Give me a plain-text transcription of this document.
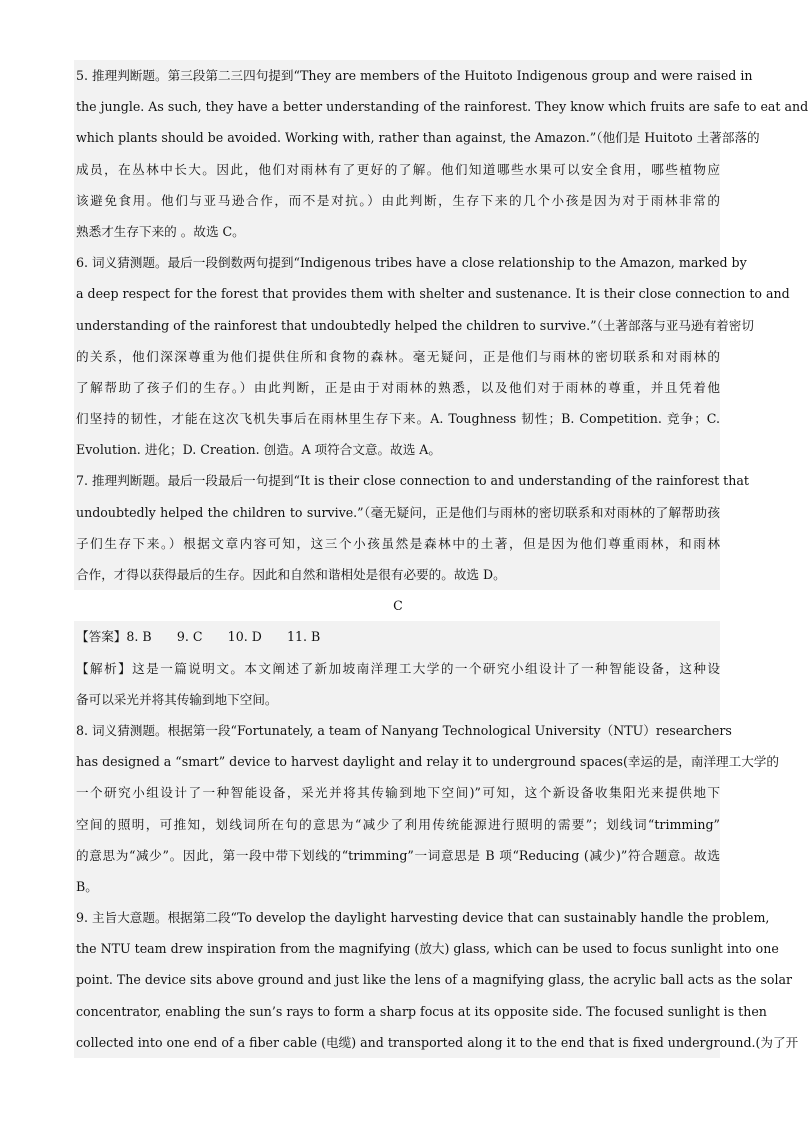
5. 推理判断题。第三段第二三四句提到“They are members of the Huitoto Indigenous group and were raised in
the jungle. As such, they have a better understanding of the rainforest. They know which fruits are safe to eat and
which plants should be avoided. Working with, rather than against, the Amazon.”（他们是 Huitoto 土著部落的
成员，在丛林中长大。因此，他们对雨林有了更好的了解。他们知道哪些水果可以安全食用，哪些植物应
该避免食用。他们与亚马逊合作，而不是对抗。）由此判断，生存下来的几个小孩是因为对于雨林非常的
熟悉才生存下来的 。故选 C。
6. 词义猜测题。最后一段倒数两句提到“Indigenous tribes have a close relationship to the Amazon, marked by
a deep respect for the forest that provides them with shelter and sustenance. It is their close connection to and
understanding of the rainforest that undoubtedly helped the children to survive.”（土著部落与亚马逊有着密切
的关系，他们深深尊重为他们提供住所和食物的森林。毫无疑问，正是他们与雨林的密切联系和对雨林的
了解帮助了孩子们的生存。）由此判断，正是由于对雨林的熟悉，以及他们对于雨林的尊重，并且凭着他
们坚持的韧性，才能在这次飞机失事后在雨林里生存下来。A. Toughness 韧性；B. Competition. 竞争；C.
Evolution. 进化；D. Creation. 创造。A 项符合文意。故选 A。
7. 推理判断题。最后一段最后一句提到“It is their close connection to and understanding of the rainforest that
undoubtedly helped the children to survive.”（毫无疑问，正是他们与雨林的密切联系和对雨林的了解帮助孩
子们生存下来。）根据文章内容可知，这三个小孩虽然是森林中的土著，但是因为他们尊重雨林，和雨林
合作，才得以获得最后的生存。因此和自然和谐相处是很有必要的。故选 D。
C
【答案】8. B　　9. C　　10. D　　11. B
【解析】这是一篇说明文。本文阐述了新加坡南洋理工大学的一个研究小组设计了一种智能设备，这种设
备可以采光并将其传输到地下空间。
8. 词义猜测题。根据第一段“Fortunately, a team of Nanyang Technological University（NTU）researchers
has designed a “smart” device to harvest daylight and relay it to underground spaces(幸运的是，南洋理工大学的
一个研究小组设计了一种智能设备，采光并将其传输到地下空间)”可知，这个新设备收集阳光来提供地下
空间的照明，可推知，划线词所在句的意思为“减少了利用传统能源进行照明的需要”；划线词“trimming”
的意思为“减少”。因此，第一段中带下划线的“trimming”一词意思是 B 项“Reducing (减少)”符合题意。故选
B。
9. 主旨大意题。根据第二段“To develop the daylight harvesting device that can sustainably handle the problem,
the NTU team drew inspiration from the magnifying (放大) glass, which can be used to focus sunlight into one
point. The device sits above ground and just like the lens of a magnifying glass, the acrylic ball acts as the solar
concentrator, enabling the sun’s rays to form a sharp focus at its opposite side. The focused sunlight is then
collected into one end of a fiber cable (电缆) and transported along it to the end that is fixed underground.(为了开
